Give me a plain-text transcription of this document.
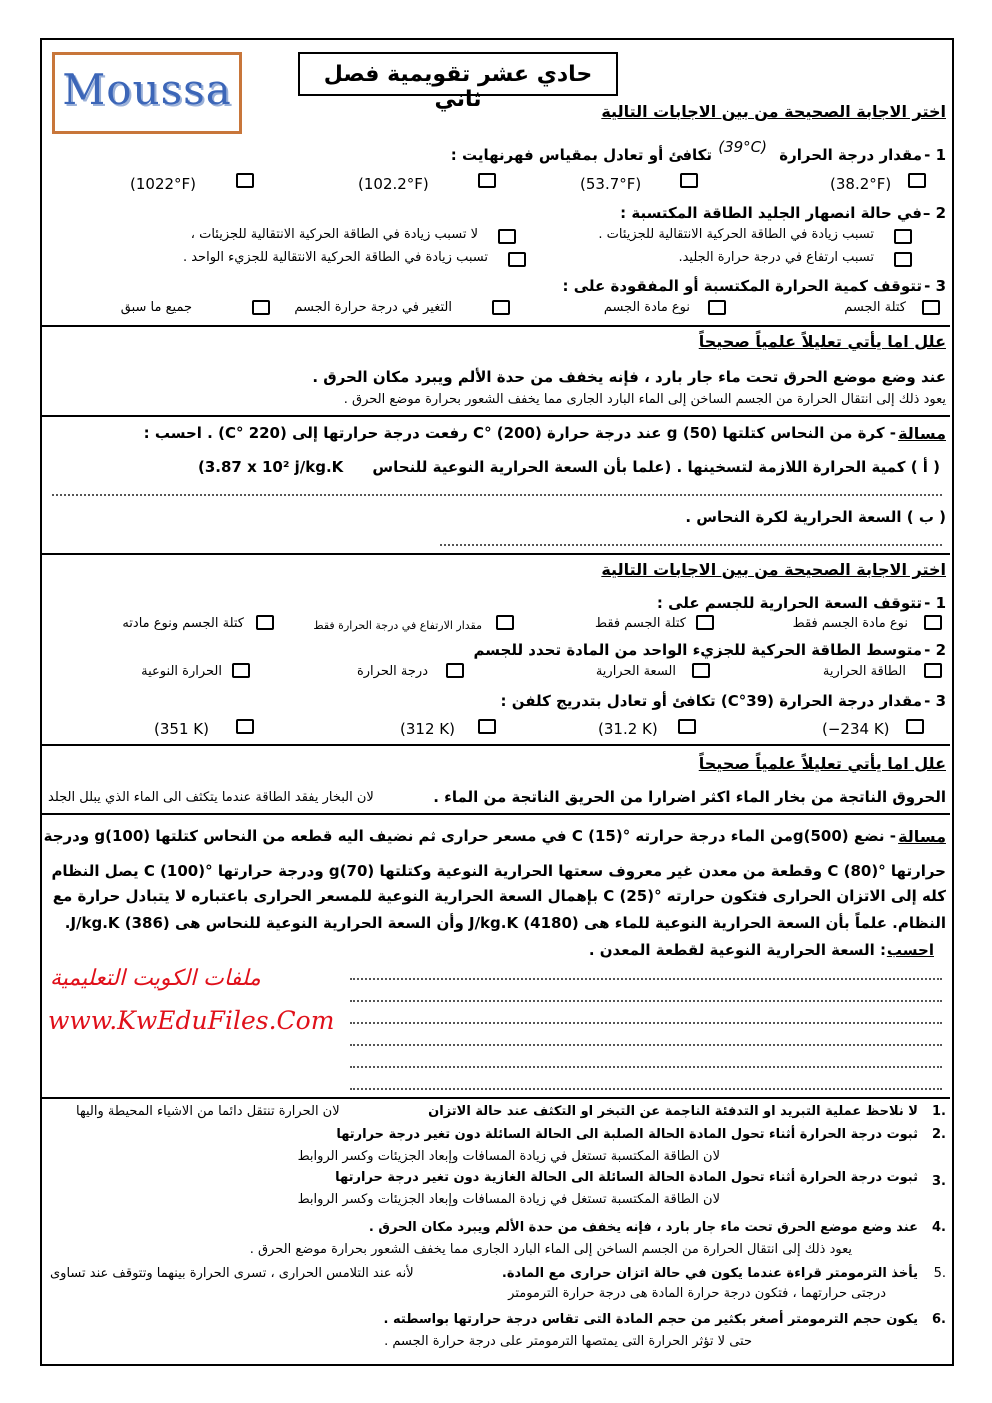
Moussa	حادي عشر تقويمية فصل ثاني	اختر الاجابة الصحيحة من بين الاجابات التالية
1 -
مقدار درجة الحرارة
(39°C)
تكافئ أو تعادل بمقياس فهرنهايت :
(38.2°F)
(53.7°F)
(102.2°F)
(1022°F)
2 –
في حالة انصهار الجليد الطاقة المكتسبة :
تسبب زيادة في الطاقة الحركية الانتقالية للجزيئات .
لا تسبب زيادة في الطاقة الحركية الانتقالية للجزيئات ،
تسبب ارتفاع في درجة حرارة الجليد.
تسبب زيادة في الطاقة الحركية الانتقالية للجزيء الواحد .
3 -
تتوقف كمية الحرارة المكتسبة أو المفقودة على :
كتلة الجسم
نوع مادة الجسم
التغير في درجة حرارة الجسم
جميع ما سبق
علل اما يأتي تعليلاً علمياً صحيحاً
عند وضع موضع الحرق تحت ماء جار بارد ، فإنه يخفف من حدة الألم ويبرد مكان الحرق .
يعود ذلك إلى انتقال الحرارة من الجسم الساخن إلى الماء البارد الجارى مما يخفف الشعور بحرارة موضع الحرق .
مسالة
- كرة من النحاس كتلتها g (50) عند درجة حرارة (200) °C رفعت درجة حرارتها إلى (220 °C) . احسب :
( أ ) كمية الحرارة اللازمة لتسخينها . (علما بأن السعة الحرارية النوعية للنحاس
(3.87 x 10² j/kg.K
( ب ) السعة الحرارية لكرة النحاس .
اختر الاجابة الصحيحة من بين الاجابات التالية
1 -
تتوقف السعة الحرارية للجسم على :
نوع مادة الجسم فقط
كتلة الجسم فقط
مقدار الارتفاع في درجة الحرارة فقط
كتلة الجسم ونوع مادته
2 -
متوسط الطاقة الحركية للجزيء الواحد من المادة تحدد للجسم
الطاقة الحرارية
السعة الحرارية
درجة الحرارة
الحرارة النوعية
3 -
مقدار درجة الحرارة (39°C) تكافئ أو تعادل بتدريج كلفن :
(−234 K)
(31.2 K)
(312 K)
(351 K)
علل اما يأتي تعليلاً علمياً صحيحاً
الحروق الناتجة من بخار الماء اكثر اضرارا من الحريق الناتجة من الماء .
لان البخار يفقد الطاقة عندما يتكثف الى الماء الذي يبلل الجلد
مسالة
- نضع g(500)من الماء درجة حرارته °C (15) في مسعر حرارى ثم نضيف اليه قطعه من النحاس كتلتها g(100) ودرجة
حرارتها °C (80) وقطعة من معدن غير معروف سعتها الحرارية النوعية وكتلتها g(70) ودرجة حرارتها °C (100) يصل النظام
كله إلى الاتزان الحرارى فتكون حرارته °C (25) بإهمال السعة الحرارية النوعية للمسعر الحرارى باعتباره لا يتبادل حرارة مع
النظام. علماً بأن السعة الحرارية النوعية للماء هى J/kg.K (4180) وأن السعة الحرارية النوعية للنحاس هى J/kg.K (386).
احسب
: السعة الحرارية النوعية لقطعة المعدن .
ملفات الكويت التعليمية
www.KwEduFiles.Com
.1
لا نلاحظ عملية التبريد او التدفئة الناجمة عن التبخر او التكثف عند حالة الاتزان
لان الحرارة تنتقل دائما من الاشياء المحيطة واليها
.2
ثبوت درجة الحرارة أثناء تحول المادة الحالة الصلبة الى الحالة السائلة دون تغير درجة حرارتها
لان الطاقة المكتسبة تستغل في زيادة المسافات وإبعاد الجزيئات وكسر الروابط
.3
ثبوت درجة الحرارة أثناء تحول المادة الحالة السائلة الى الحالة الغازية دون تغير درجة حرارتها
لان الطاقة المكتسبة تستغل في زيادة المسافات وإبعاد الجزيئات وكسر الروابط
.4
عند وضع موضع الحرق تحت ماء جار بارد ، فإنه يخفف من حدة الألم ويبرد مكان الحرق .
يعود ذلك إلى انتقال الحرارة من الجسم الساخن إلى الماء البارد الجارى مما يخفف الشعور بحرارة موضع الحرق .
.5
يأخذ الترمومتر قراءة عندما يكون في حالة اتزان حرارى مع المادة.
لأنه عند التلامس الحرارى ، تسرى الحرارة بينهما وتتوقف عند تساوى
درجتى حرارتهما ، فتكون درجة حرارة المادة هى درجة حرارة الترمومتر
.6
يكون حجم الترمومتر أصغر بكثير من حجم المادة التى تقاس درجة حرارتها بواسطته .
حتى لا تؤثر الحرارة التى يمتصها الترمومتر على درجة حرارة الجسم .
